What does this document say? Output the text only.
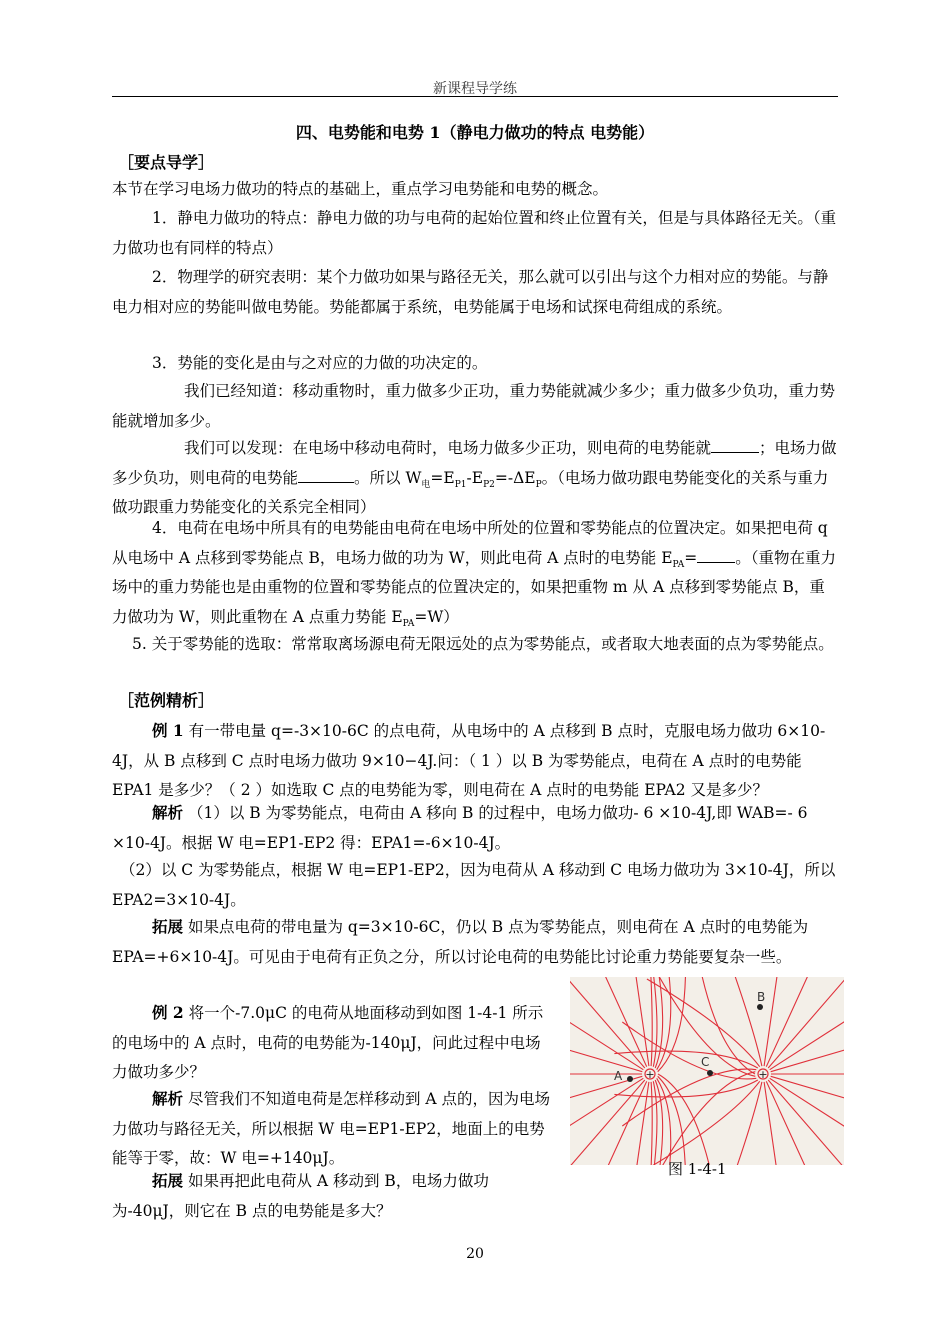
新课程导学练
四、电势能和电势 1（静电力做功的特点 电势能）
［要点导学］
本节在学习电场力做功的特点的基础上，重点学习电势能和电势的概念。
1．静电力做功的特点：静电力做的功与电荷的起始位置和终止位置有关，但是与具体路径无关。（重力做功也有同样的特点）
2．物理学的研究表明：某个力做功如果与路径无关，那么就可以引出与这个力相对应的势能。与静电力相对应的势能叫做电势能。势能都属于系统，电势能属于电场和试探电荷组成的系统。
3．势能的变化是由与之对应的力做的功决定的。
我们已经知道：移动重物时，重力做多少正功，重力势能就减少多少；重力做多少负功，重力势能就增加多少。
我们可以发现：在电场中移动电荷时，电场力做多少正功，则电荷的电势能就	；电场力做多少负功，则电荷的电势能	。所以 $W_电=E_{P1}-E_{P2}=-\Delta E_P$。（电场力做功跟电势能变化的关系与重力做功跟重力势能变化的关系完全相同）
4．电荷在电场中所具有的电势能由电荷在电场中所处的位置和零势能点的位置决定。如果把电荷 q 从电场中 A 点移到零势能点 B，电场力做的功为 W，则此电荷 A 点时的电势能 $E_{PA}=$ 。（重物在重力场中的重力势能也是由重物的位置和零势能点的位置决定的，如果把重物 m 从 A 点移到零势能点 B，重力做功为 W，则此重物在 A 点重力势能 $E_{PA}=W$）
5. 关于零势能的选取：常常取离场源电荷无限远处的点为零势能点，或者取大地表面的点为零势能点。
［范例精析］
例 1 有一带电量 q=-3×10-6C 的点电荷，从电场中的 A 点移到 B 点时，克服电场力做功 6×10-4J，从 B 点移到 C 点时电场力做功 9×10−4J.问：（ 1 ）以 B 为零势能点，电荷在 A 点时的电势能 EPA1 是多少？（ 2 ）如选取 C 点的电势能为零，则电荷在 A 点时的电势能 EPA2 又是多少？
解析 （1）以 B 为零势能点，电荷由 A 移向 B 的过程中，电场力做功- 6 ×10-4J,即 WAB=- 6 ×10-4J。根据 W 电=EP1-EP2 得：EPA1=-6×10-4J。
（2）以 C 为零势能点，根据 W 电=EP1-EP2，因为电荷从 A 移动到 C 电场力做功为 3×10-4J，所以 EPA2=3×10-4J。
拓展 如果点电荷的带电量为 q=3×10-6C，仍以 B 点为零势能点，则电荷在 A 点时的电势能为 EPA=+6×10-4J。可见由于电荷有正负之分，所以讨论电荷的电势能比讨论重力势能要复杂一些。
例 2 将一个-7.0μC 的电荷从地面移动到如图 1-4-1 所示的电场中的 A 点时，电荷的电势能为-140μJ，问此过程中电场力做功多少？
解析 尽管我们不知道电荷是怎样移动到 A 点的，因为电场力做功与路径无关，所以根据 W 电=EP1-EP2，地面上的电势能等于零，故：W 电=+140μJ。
拓展 如果再把此电荷从 A 移动到 B，电场力做功为-40μJ，则它在 B 点的电势能是多大？
+	+
A
C
B
图 1-4-1
20
